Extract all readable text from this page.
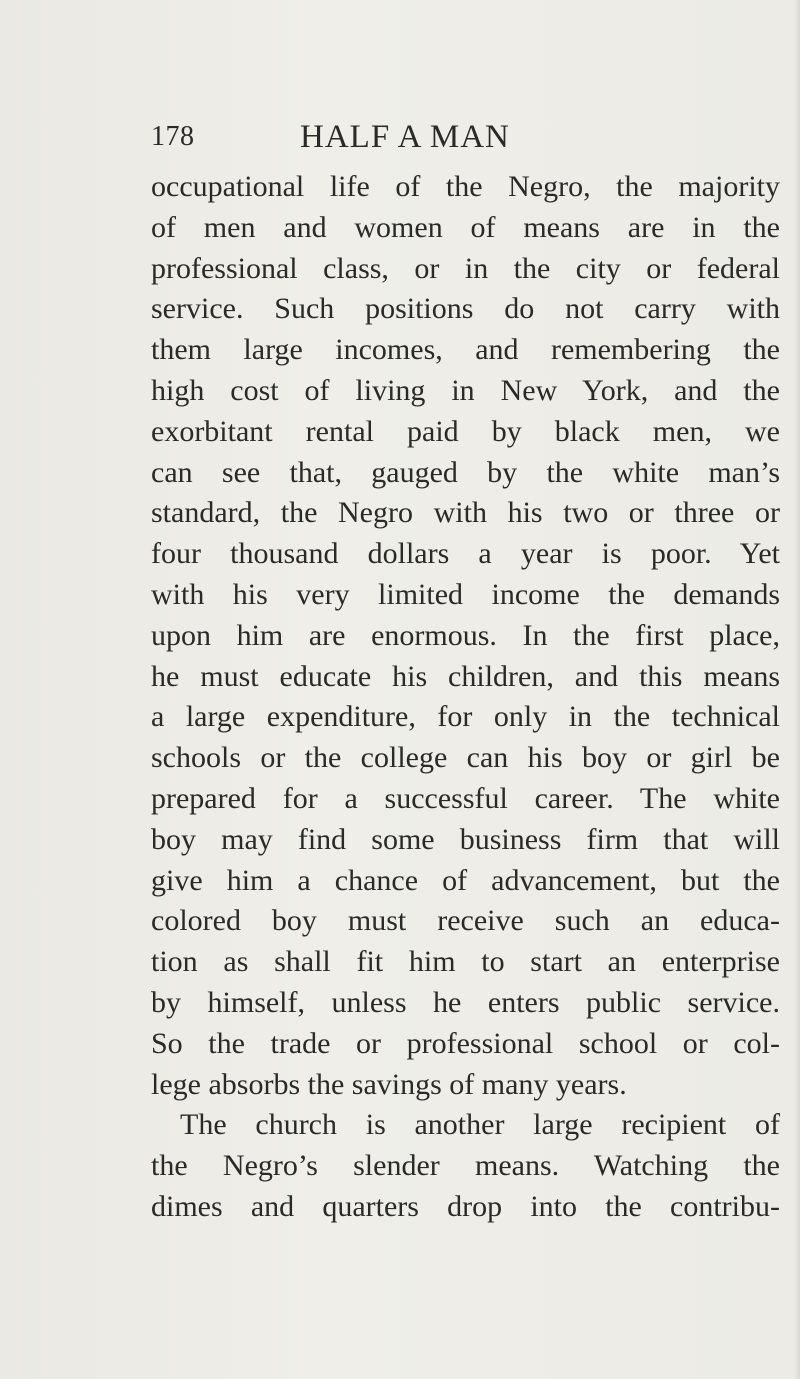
178	HALF A MAN
occupational life of the Negro, the majority
of men and women of means are in the
professional class, or in the city or federal
service. Such positions do not carry with
them large incomes, and remembering the
high cost of living in New York, and the
exorbitant rental paid by black men, we
can see that, gauged by the white man’s
standard, the Negro with his two or three or
four thousand dollars a year is poor. Yet
with his very limited income the demands
upon him are enormous. In the first place,
he must educate his children, and this means
a large expenditure, for only in the technical
schools or the college can his boy or girl be
prepared for a successful career. The white
boy may find some business firm that will
give him a chance of advancement, but the
colored boy must receive such an educa-
tion as shall fit him to start an enterprise
by himself, unless he enters public service.
So the trade or professional school or col-
lege absorbs the savings of many years.
The church is another large recipient of
the Negro’s slender means. Watching the
dimes and quarters drop into the contribu-
